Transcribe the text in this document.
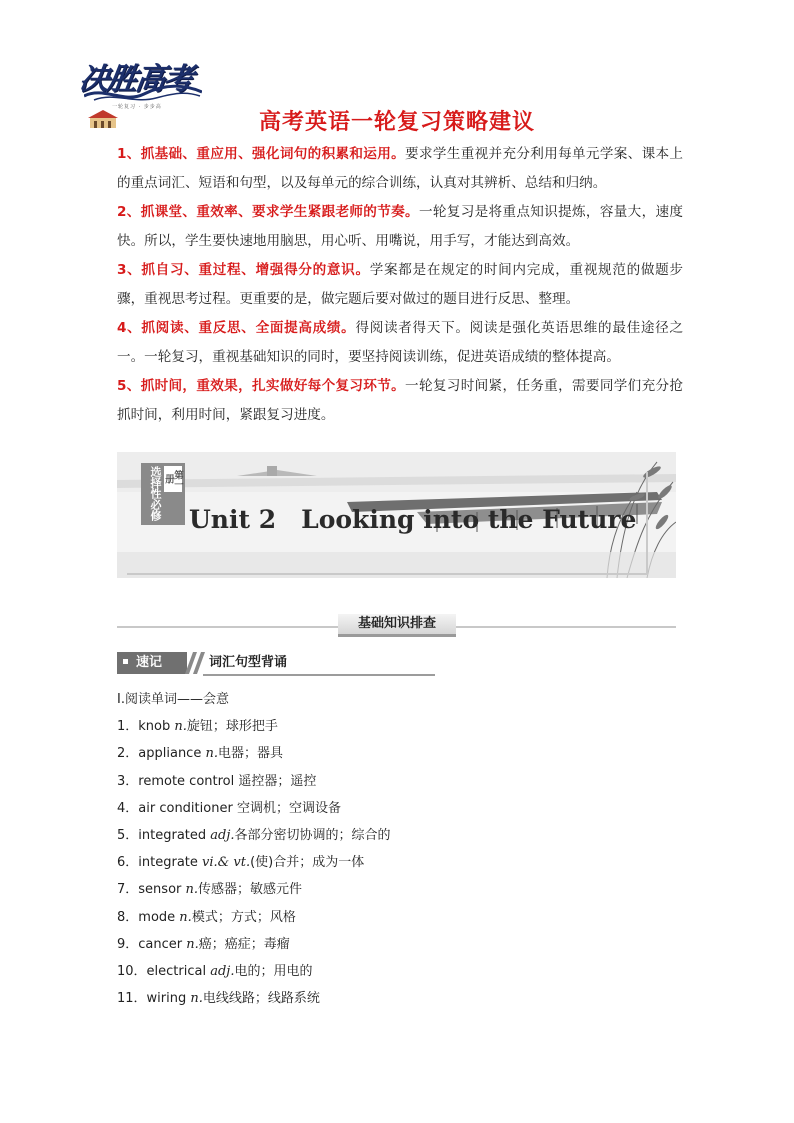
决胜高考
一轮复习 · 步步高
高考英语一轮复习策略建议

1、抓基础、重应用、强化词句的积累和运用。要求学生重视并充分利用每单元学案、课本上的重点词汇、短语和句型，以及每单元的综合训练，认真对其辨析、总结和归纳。

2、抓课堂、重效率、要求学生紧跟老师的节奏。一轮复习是将重点知识提炼，容量大，速度快。所以，学生要快速地用脑思，用心听、用嘴说，用手写，才能达到高效。

3、抓自习、重过程、增强得分的意识。学案都是在规定的时间内完成，重视规范的做题步骤，重视思考过程。更重要的是，做完题后要对做过的题目进行反思、整理。

4、抓阅读、重反思、全面提高成绩。得阅读者得天下。阅读是强化英语思维的最佳途径之一。一轮复习，重视基础知识的同时，要坚持阅读训练，促进英语成绩的整体提高。

5、抓时间，重效果，扎实做好每个复习环节。一轮复习时间紧，任务重，需要同学们充分抢抓时间，利用时间，紧跟复习进度。

选择性必修	第一册
Unit 2　Looking into the Future
基础知识排查
速记	词汇句型背诵
Ⅰ.阅读单词——会意
1．knob n.旋钮；球形把手
2．appliance n.电器；器具
3．remote control 遥控器；遥控
4．air conditioner 空调机；空调设备
5．integrated adj.各部分密切协调的；综合的
6．integrate vi.& vt.(使)合并；成为一体
7．sensor n.传感器；敏感元件
8．mode n.模式；方式；风格
9．cancer n.癌；癌症；毒瘤
10．electrical adj.电的；用电的
11．wiring n.电线线路；线路系统
